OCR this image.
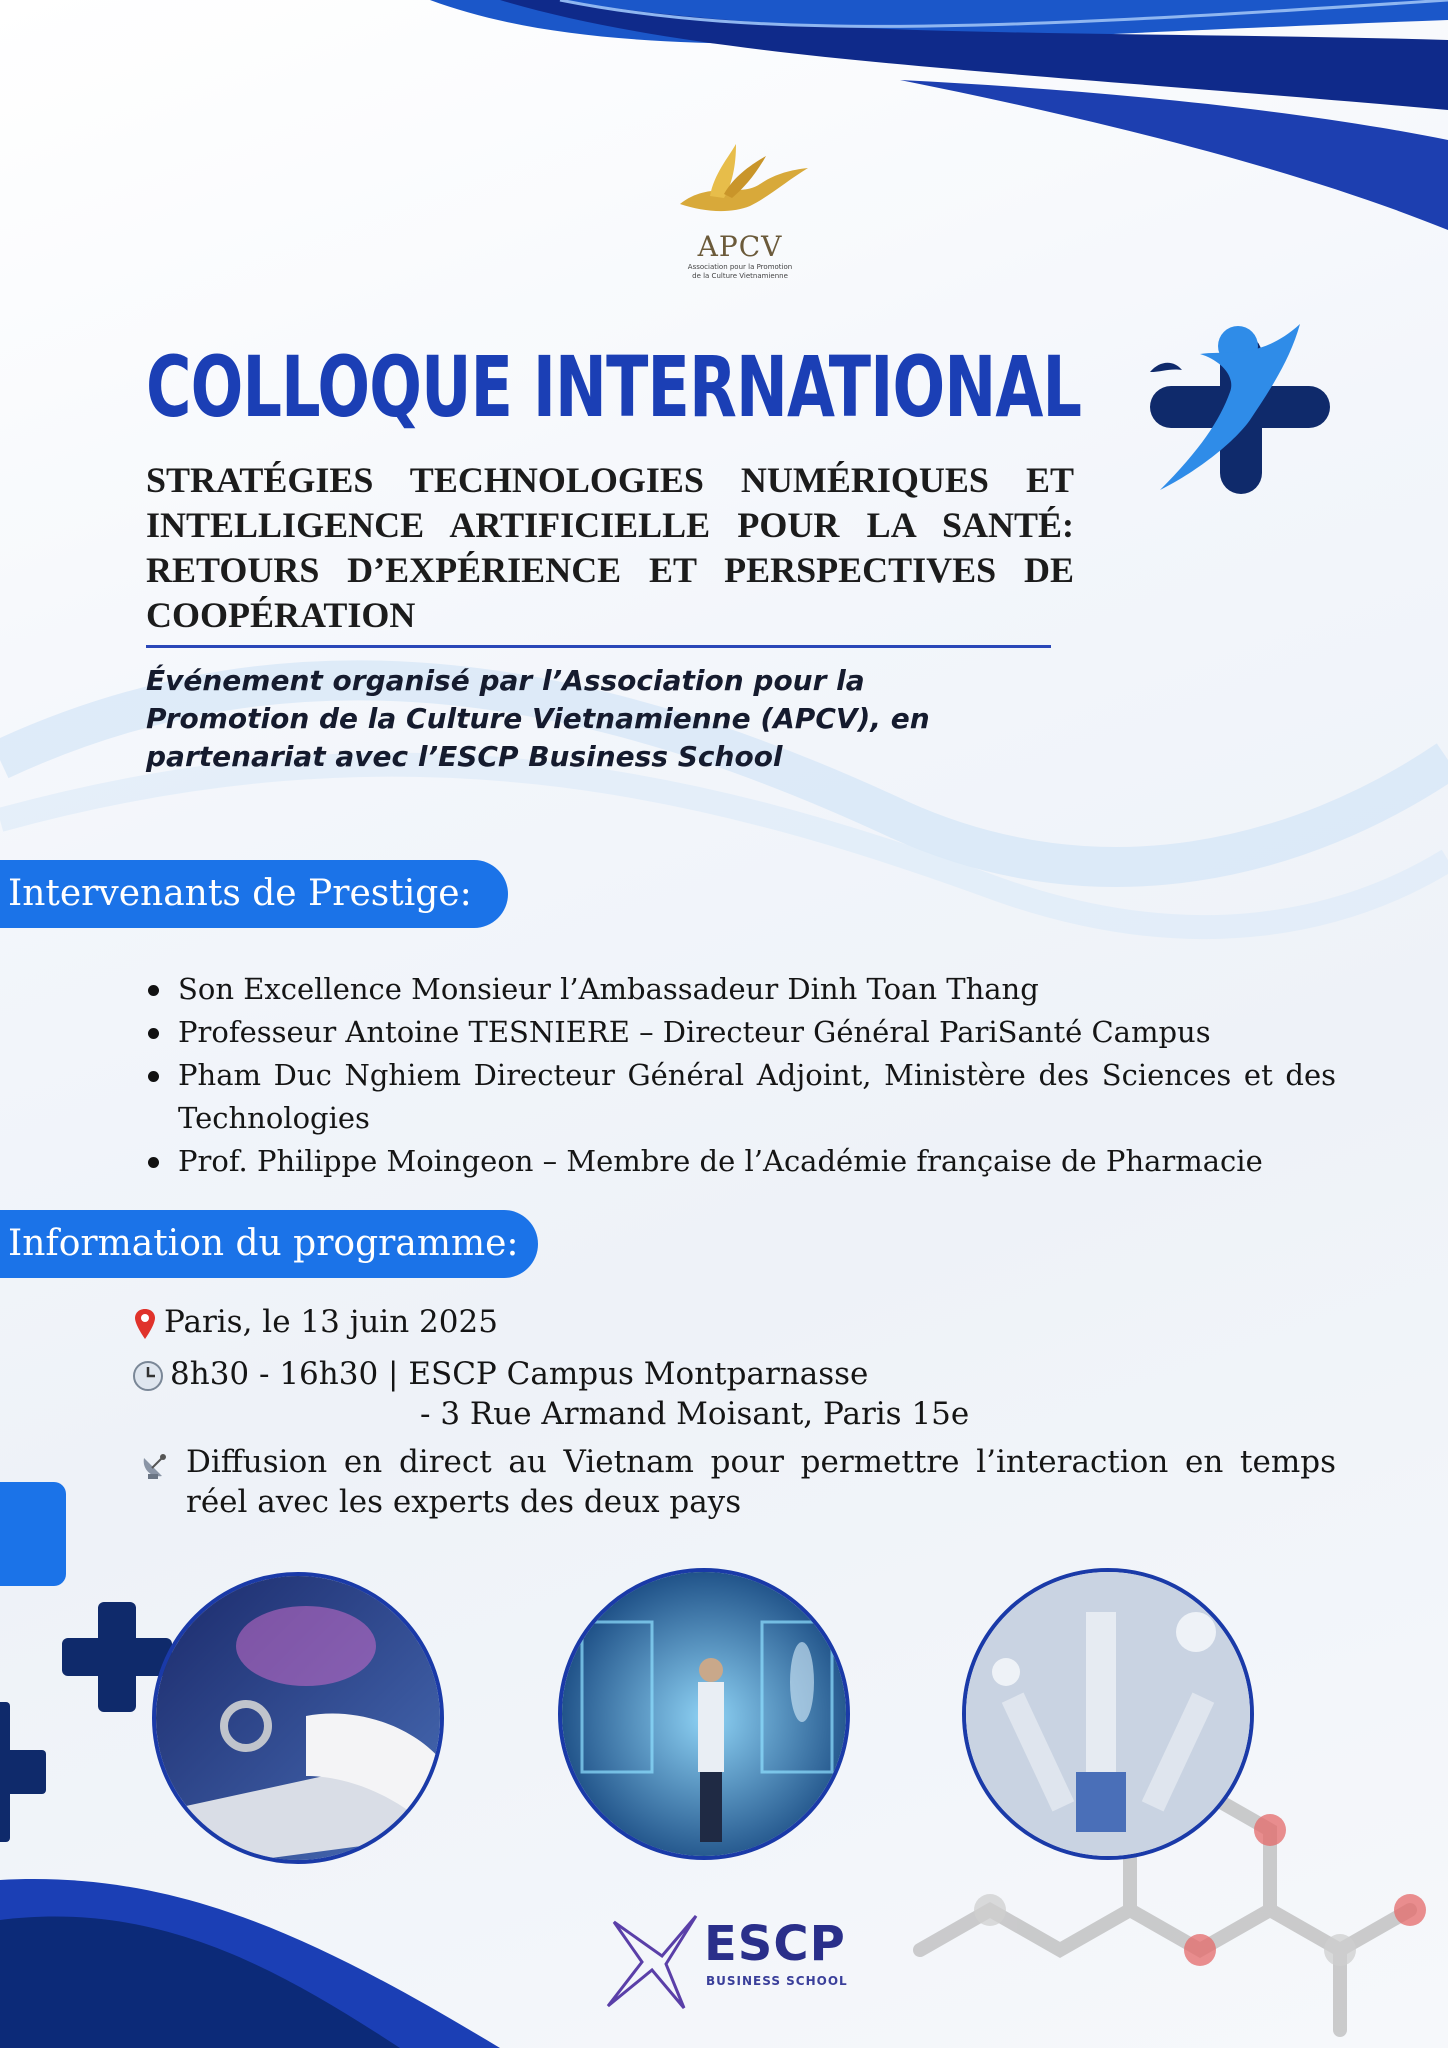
APCV
Association pour la Promotion
de la Culture Vietnamienne
COLLOQUE INTERNATIONAL
STRATÉGIES TECHNOLOGIES NUMÉRIQUES ET INTELLIGENCE ARTIFICIELLE POUR LA SANTÉ: RETOURS D’EXPÉRIENCE ET PERSPECTIVES DE COOPÉRATION
Événement organisé par l’Association pour la Promotion de la Culture Vietnamienne (APCV), en partenariat avec l’ESCP Business School
Intervenants de Prestige:
Son Excellence Monsieur l’Ambassadeur Dinh Toan Thang
Professeur Antoine TESNIERE – Directeur Général PariSanté Campus
Pham Duc Nghiem Directeur Général Adjoint, Ministère des Sciences et des Technologies
Prof. Philippe Moingeon – Membre de l’Académie française de Pharmacie
Information du programme:
Paris, le 13 juin 2025
8h30 - 16h30 | ESCP Campus Montparnasse
- 3 Rue Armand Moisant, Paris 15e
Diffusion en direct au Vietnam pour permettre l’interaction en temps réel avec les experts des deux pays
ESCP
BUSINESS SCHOOL
